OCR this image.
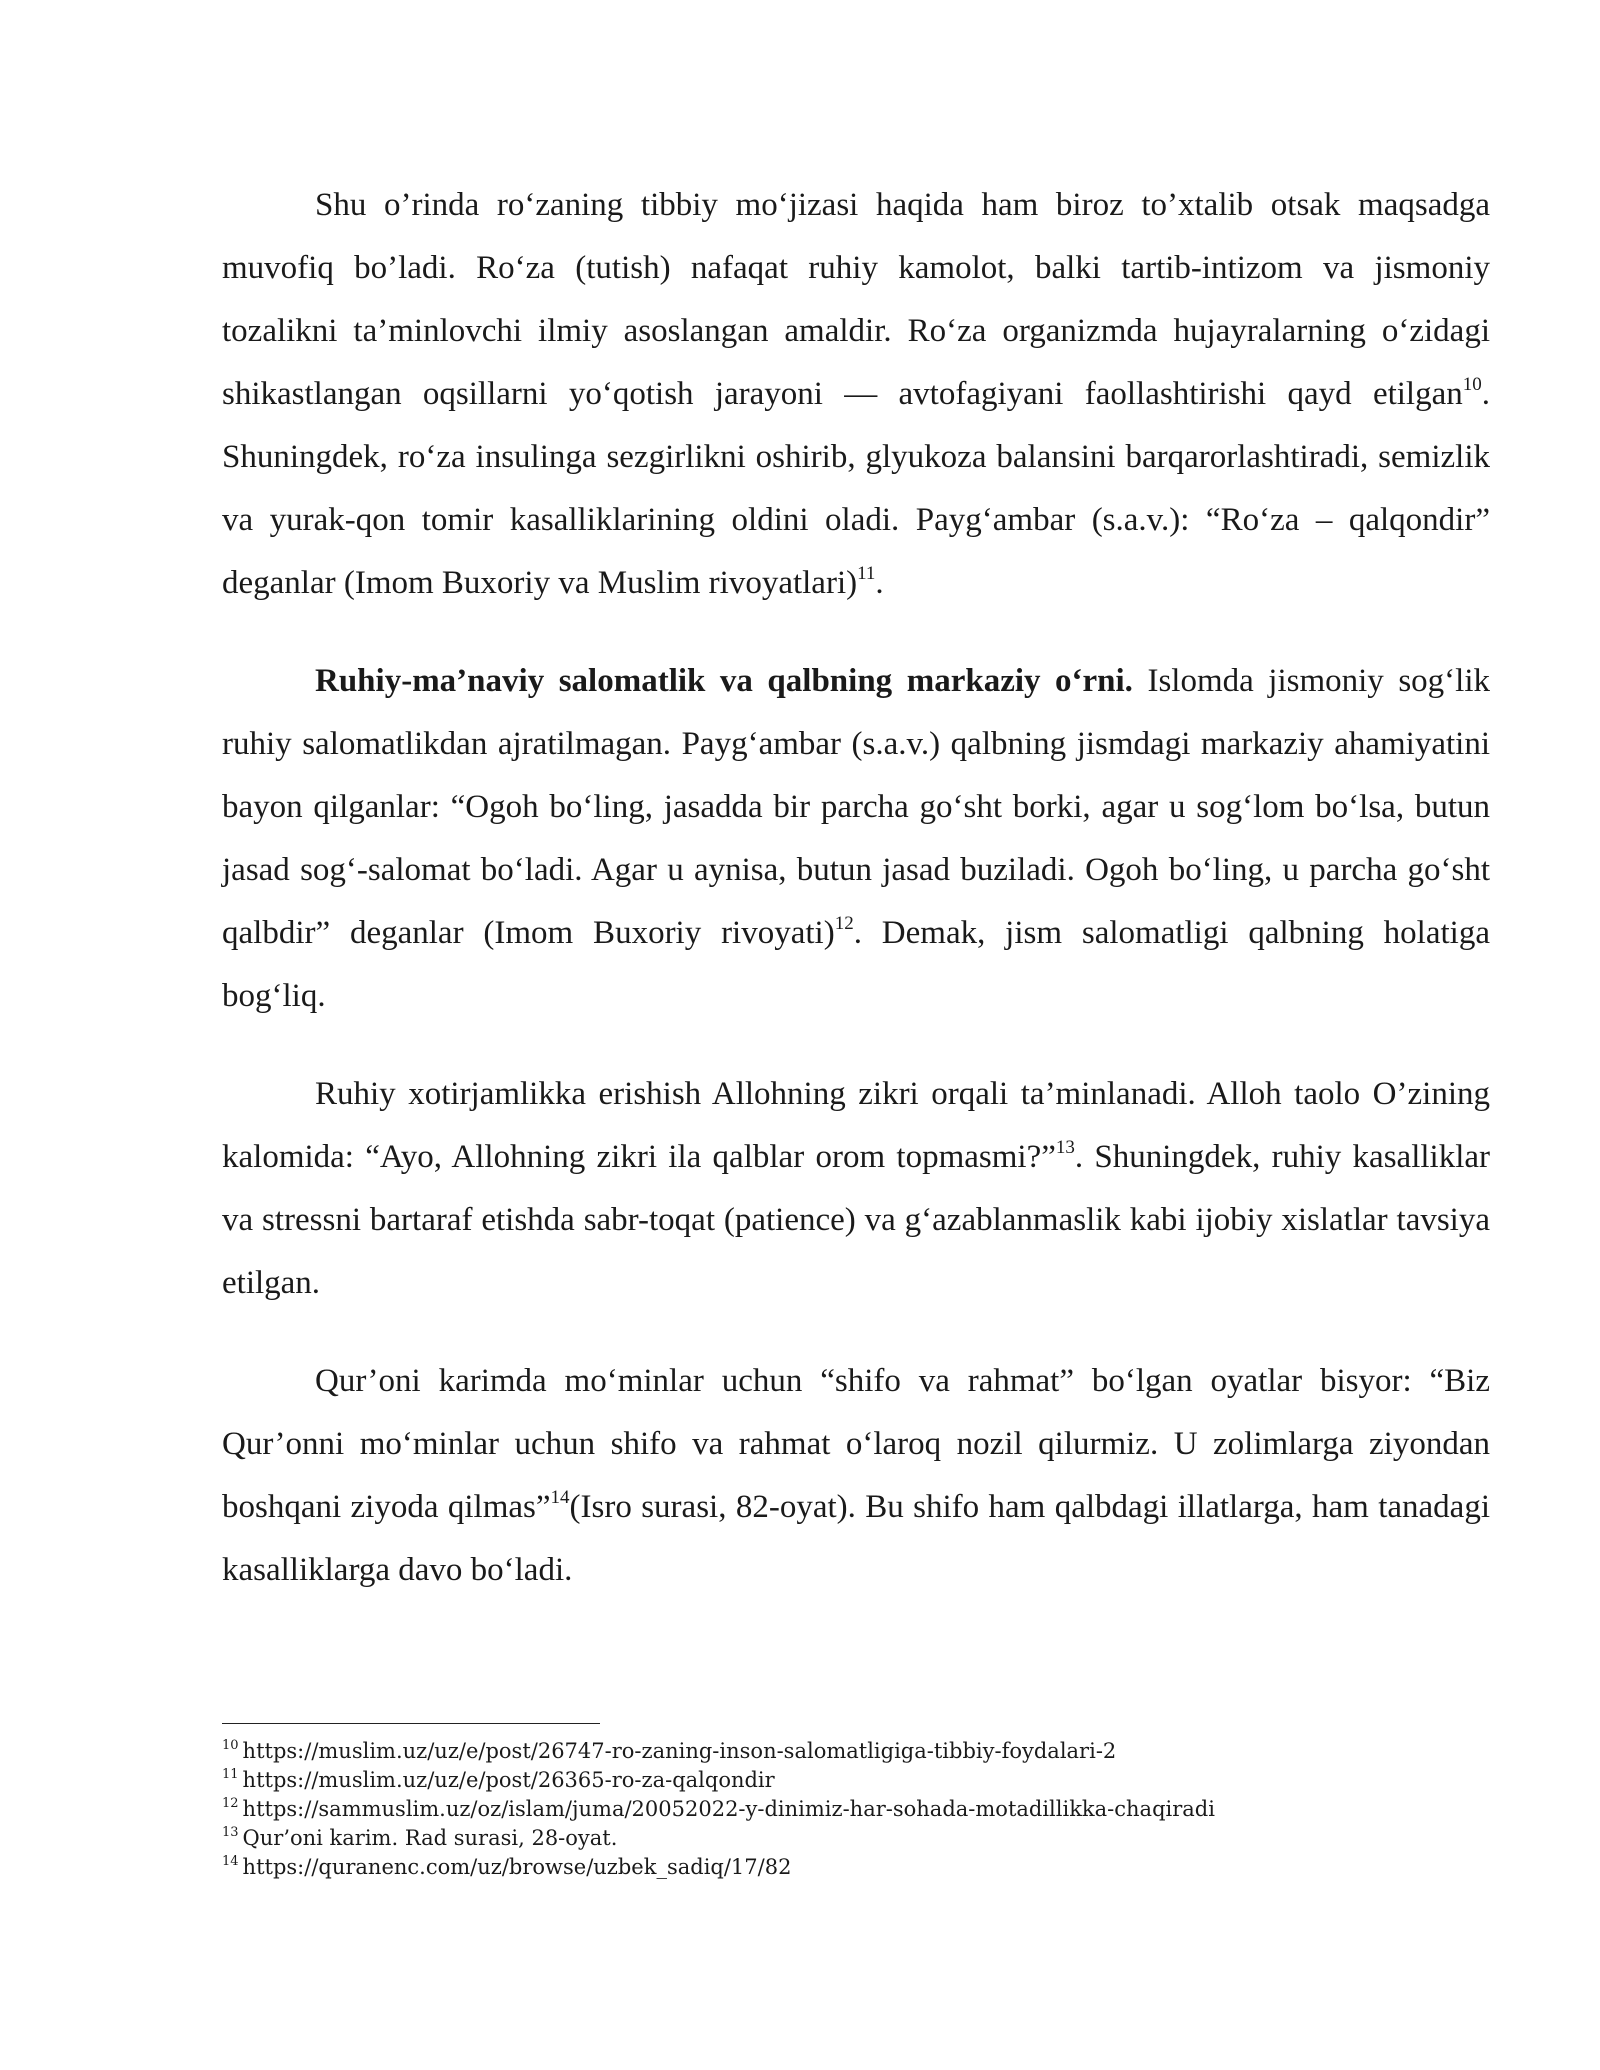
Shu o’rinda ro‘zaning tibbiy mo‘jizasi haqida ham biroz to’xtalib otsak maqsadga muvofiq bo’ladi. Ro‘za (tutish) nafaqat ruhiy kamolot, balki tartib-intizom va jismoniy tozalikni ta’minlovchi ilmiy asoslangan amaldir. Ro‘za organizmda hujayralarning o‘zidagi shikastlangan oqsillarni yo‘qotish jarayoni — avtofagiyani faollashtirishi qayd etilgan$^{10}$. Shuningdek, ro‘za insulinga sezgirlikni oshirib, glyukoza balansini barqarorlashtiradi, semizlik va yurak-qon tomir kasalliklarining oldini oladi. Payg‘ambar (s.a.v.): “Ro‘za – qalqondir” deganlar (Imom Buxoriy va Muslim rivoyatlari)$^{11}$.

Ruhiy-ma’naviy salomatlik va qalbning markaziy o‘rni. Islomda jismoniy sog‘lik ruhiy salomatlikdan ajratilmagan. Payg‘ambar (s.a.v.) qalbning jismdagi markaziy ahamiyatini bayon qilganlar: “Ogoh bo‘ling, jasadda bir parcha go‘sht borki, agar u sog‘lom bo‘lsa, butun jasad sog‘-salomat bo‘ladi. Agar u aynisa, butun jasad buziladi. Ogoh bo‘ling, u parcha go‘sht qalbdir” deganlar (Imom Buxoriy rivoyati)$^{12}$. Demak, jism salomatligi qalbning holatiga bog‘liq.

Ruhiy xotirjamlikka erishish Allohning zikri orqali ta’minlanadi. Alloh taolo O’zining kalomida: “Ayo, Allohning zikri ila qalblar orom topmasmi?”$^{13}$. Shuningdek, ruhiy kasalliklar va stressni bartaraf etishda sabr-toqat (patience) va g‘azablanmaslik kabi ijobiy xislatlar tavsiya etilgan.

Qur’oni karimda mo‘minlar uchun “shifo va rahmat” bo‘lgan oyatlar bisyor: “Biz Qur’onni mo‘minlar uchun shifo va rahmat o‘laroq nozil qilurmiz. U zolimlarga ziyondan boshqani ziyoda qilmas”$^{14}$(Isro surasi, 82-oyat). Bu shifo ham qalbdagi illatlarga, ham tanadagi kasalliklarga davo bo‘ladi.

$^{10}$ https://muslim.uz/uz/e/post/26747-ro-zaning-inson-salomatligiga-tibbiy-foydalari-2

$^{11}$ https://muslim.uz/uz/e/post/26365-ro-za-qalqondir

$^{12}$ https://sammuslim.uz/oz/islam/juma/20052022-y-dinimiz-har-sohada-motadillikka-chaqiradi

$^{13}$ Qur’oni karim. Rad surasi, 28-oyat.

$^{14}$ https://quranenc.com/uz/browse/uzbek_sadiq/17/82
